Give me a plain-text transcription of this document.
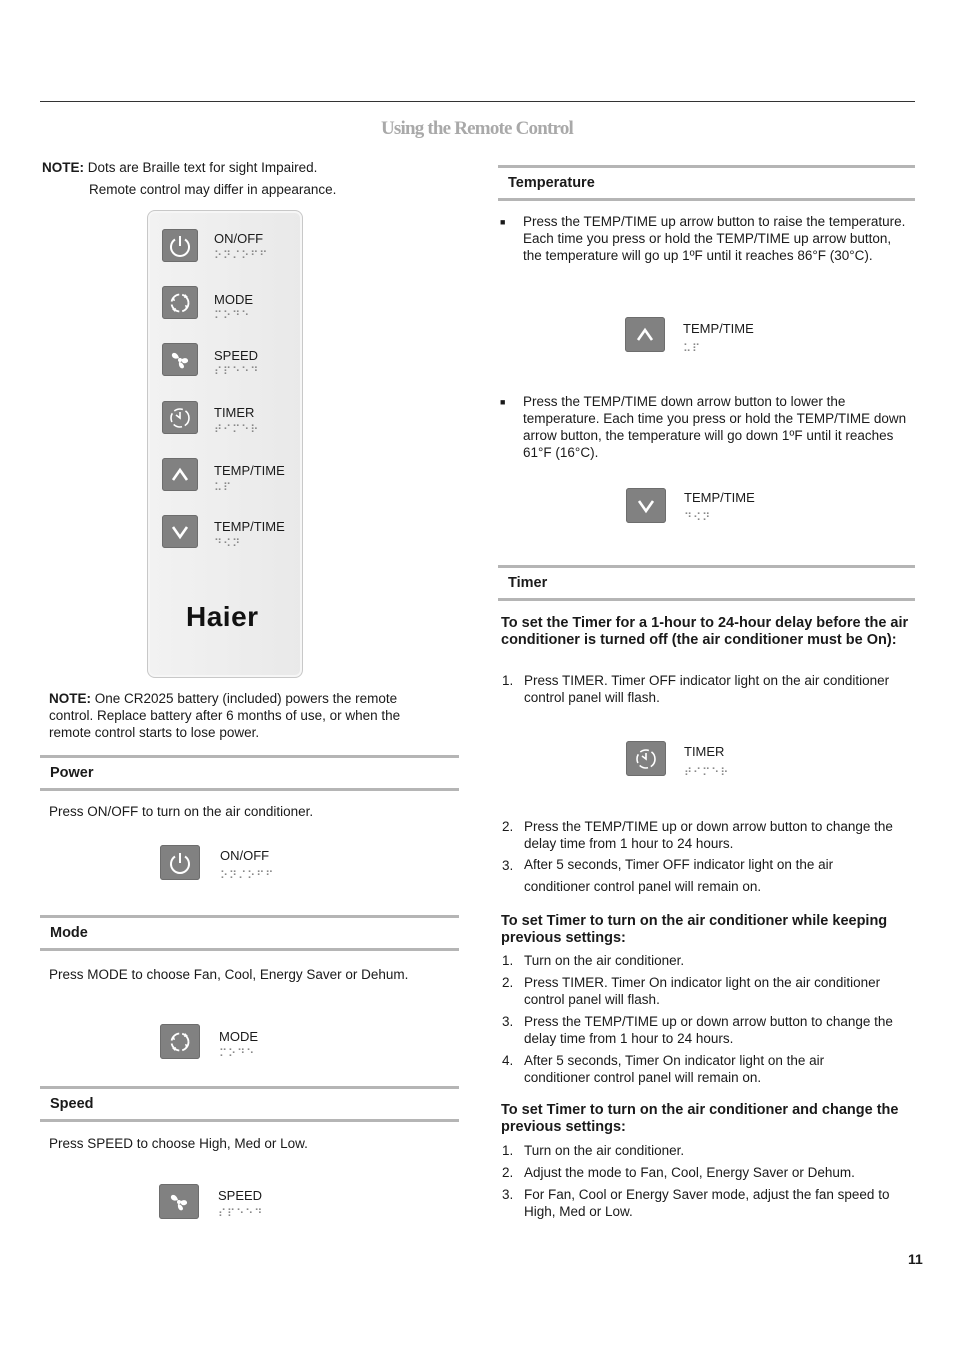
Using the Remote Control
NOTE: Dots are Braille text for sight Impaired.
Remote control may differ in appearance.
ON/OFF
⠕⠝⠌⠕⠋⠋
MODE
⠍⠕⠙⠑
SPEED
⠎⠏⠑⠑⠙
TIMER
⠞⠊⠍⠑⠗
TEMP/TIME
⠥⠏
TEMP/TIME
⠙⠪⠝
Haier
NOTE: One CR2025 battery (included) powers the remote control. Replace battery after 6 months of use, or when the remote control starts to lose power.
Power
Press ON/OFF to turn on the air conditioner.
ON/OFF
⠕⠝⠌⠕⠋⠋
Mode
Press MODE to choose Fan, Cool, Energy Saver or Dehum.
MODE
⠍⠕⠙⠑
Speed
Press SPEED to choose High, Med or Low.
SPEED
⠎⠏⠑⠑⠙
Temperature
■ Press the TEMP/TIME up arrow button to raise the temperature. Each time you press or hold the TEMP/TIME up arrow button, the temperature will go up 1ºF until it reaches 86°F (30°C).
TEMP/TIME
⠥⠏
■ Press the TEMP/TIME down arrow button to lower the temperature. Each time you press or hold the TEMP/TIME down arrow button, the temperature will go down 1ºF until it reaches 61°F (16°C).
TEMP/TIME
⠙⠪⠝
Timer
To set the Timer for a 1-hour to 24-hour delay before the air conditioner is turned off (the air conditioner must be On):
1. Press TIMER. Timer OFF indicator light on the air conditioner control panel will flash.
TIMER
⠞⠊⠍⠑⠗
2. Press the TEMP/TIME up or down arrow button to change the delay time from 1 hour to 24 hours.
3. After 5 seconds, Timer OFF indicator light on the air conditioner control panel will remain on.
To set Timer to turn on the air conditioner while keeping previous settings:
1. Turn on the air conditioner.
2. Press TIMER. Timer On indicator light on the air conditioner control panel will flash.
3. Press the TEMP/TIME up or down arrow button to change the delay time from 1 hour to 24 hours.
4. After 5 seconds, Timer On indicator light on the air conditioner control panel will remain on.
To set Timer to turn on the air conditioner and change the previous settings:
1. Turn on the air conditioner.
2. Adjust the mode to Fan, Cool, Energy Saver or Dehum.
3. For Fan, Cool or Energy Saver mode, adjust the fan speed to High, Med or Low.
11
